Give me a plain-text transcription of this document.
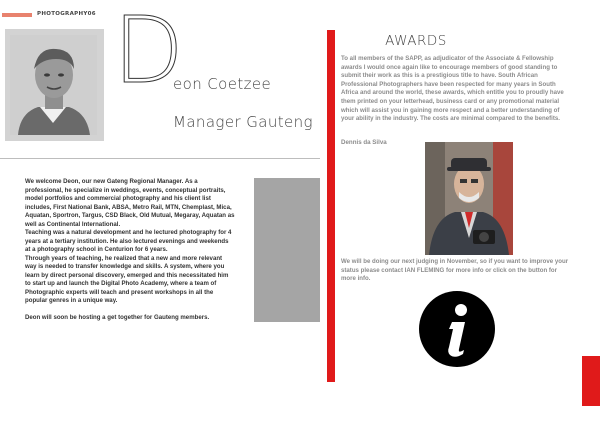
PHOTOGRAPHY06 D
eon Coetzee
Manager Gauteng

We welcome Deon, our new Gateng Regional Manager. As a
professional, he specialize in weddings, events, conceptual portraits,
model portfolios and commercial photography and his client list
includes, First National Bank, ABSA, Metro Rail, MTN, Chemplast, Mica,
Aquatan, Sportron, Targus, CSD Black, Old Mutual, Megaray, Aquatan as
well as Continental International.

Teaching was a natural development and he lectured photography for 4
years at a tertiary institution. He also lectured evenings and weekends
at a photography school in Centurion for 6 years.

Through years of teaching, he realized that a new and more relevant
way is needed to transfer knowledge and skills. A system, where you
learn by direct personal discovery, emerged and this necessitated him
to start up and launch the Digital Photo Academy, where a team of
Photographic experts will teach and present workshops in all the
popular genres in a unique way.

Deon will soon be hosting a get together for Gauteng members.

AWARDS
To all members of the SAPP, as adjudicator of the Associate & Fellowship awards I would once again like to encourage members of good standing to submit their work as this is a prestigious title to have. South African Professional Photographers have been respected for many years in South Africa and around the world, these awards, which entitle you to proudly have them printed on your letterhead, business card or any promotional material which will assist you in gaining more respect and a better understanding of your ability in the industry. The costs are minimal compared to the benefits.
Dennis da Silva
We will be doing our next judging in November, so if you want to improve your status please contact IAN FLEMING for more info or click on the button for more info.
